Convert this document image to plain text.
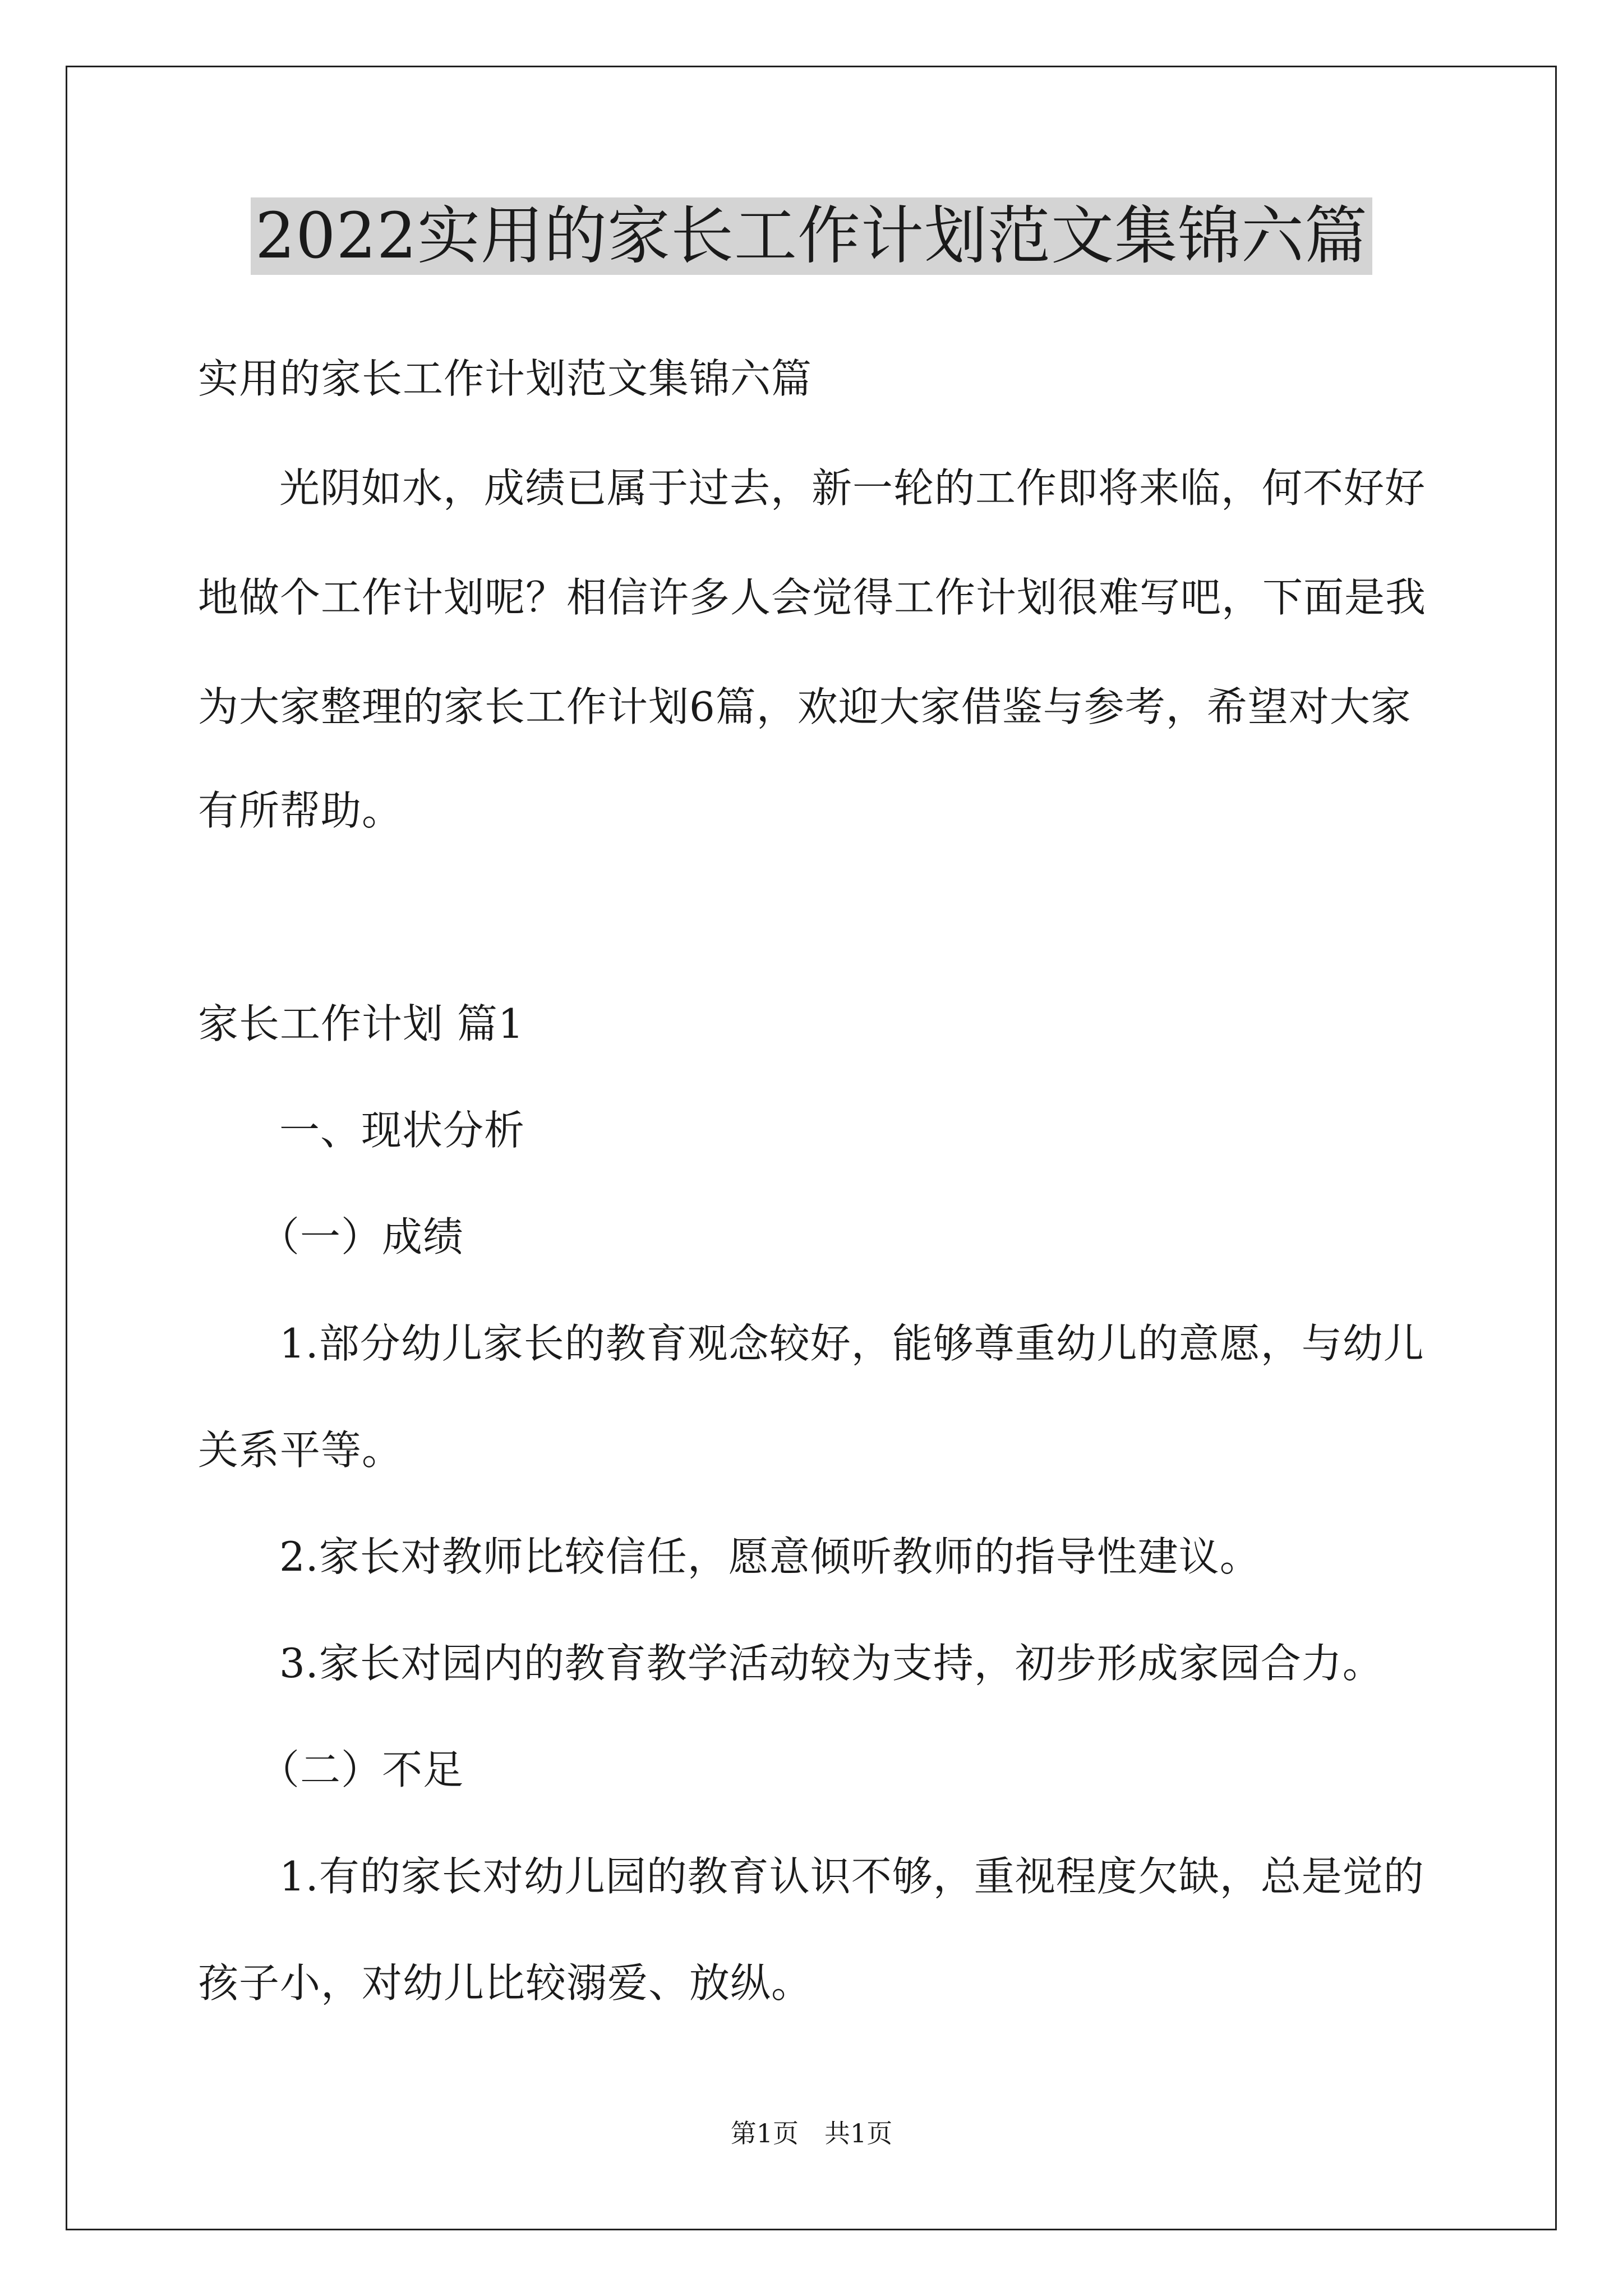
2022实用的家长工作计划范文集锦六篇
实用的家长工作计划范文集锦六篇
光阴如水，成绩已属于过去，新一轮的工作即将来临，何不好好
地做个工作计划呢？相信许多人会觉得工作计划很难写吧，下面是我
为大家整理的家长工作计划6篇，欢迎大家借鉴与参考，希望对大家
有所帮助。
家长工作计划 篇1
一、现状分析
（一）成绩
1.部分幼儿家长的教育观念较好，能够尊重幼儿的意愿，与幼儿
关系平等。
2.家长对教师比较信任，愿意倾听教师的指导性建议。
3.家长对园内的教育教学活动较为支持，初步形成家园合力。
（二）不足
1.有的家长对幼儿园的教育认识不够，重视程度欠缺，总是觉的
孩子小，对幼儿比较溺爱、放纵。
第1页　共1页
